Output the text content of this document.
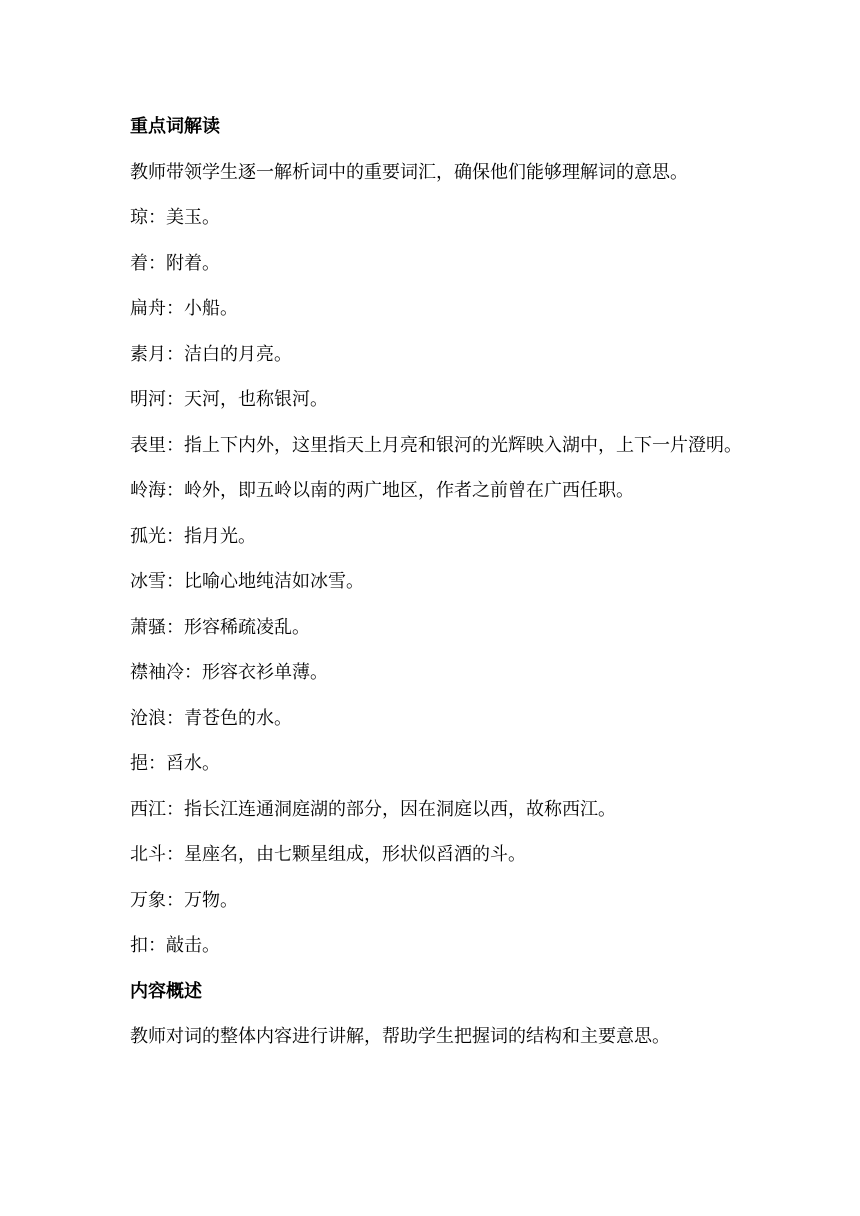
重点词解读
教师带领学生逐一解析词中的重要词汇，确保他们能够理解词的意思。
琼：美玉。
着：附着。
扁舟：小船。
素月：洁白的月亮。
明河：天河，也称银河。
表里：指上下内外，这里指天上月亮和银河的光辉映入湖中，上下一片澄明。
岭海：岭外，即五岭以南的两广地区，作者之前曾在广西任职。
孤光：指月光。
冰雪：比喻心地纯洁如冰雪。
萧骚：形容稀疏凌乱。
襟袖冷：形容衣衫单薄。
沧浪：青苍色的水。
挹：舀水。
西江：指长江连通洞庭湖的部分，因在洞庭以西，故称西江。
北斗：星座名，由七颗星组成，形状似舀酒的斗。
万象：万物。
扣：敲击。
内容概述
教师对词的整体内容进行讲解，帮助学生把握词的结构和主要意思。
